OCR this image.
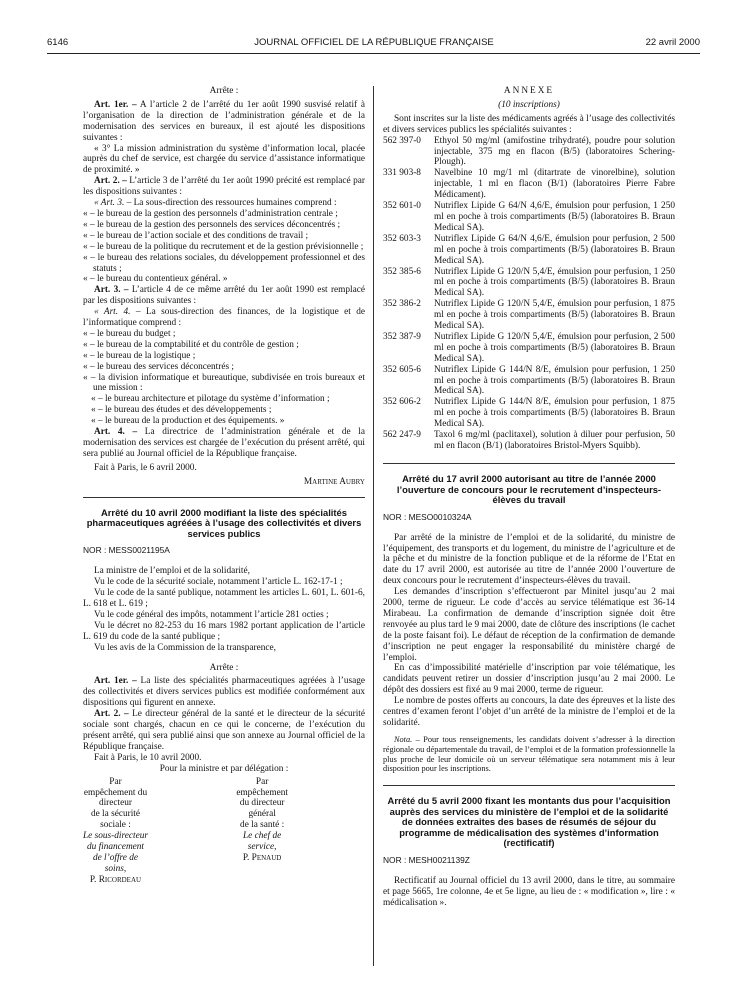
6146	JOURNAL OFFICIEL DE LA RÉPUBLIQUE FRANÇAISE	22 avril 2000

Arrête :

Art. 1er. – A l’article 2 de l’arrêté du 1er août 1990 susvisé relatif à l’organisation de la direction de l’administration générale et de la modernisation des services en bureaux, il est ajouté les dispositions suivantes :

« 3° La mission administration du système d’information local, placée auprès du chef de service, est chargée du service d’assistance informatique de proximité. »

Art. 2. – L’article 3 de l’arrêté du 1er août 1990 précité est remplacé par les dispositions suivantes :

« Art. 3. – La sous-direction des ressources humaines comprend :

« – le bureau de la gestion des personnels d’administration centrale ;

« – le bureau de la gestion des personnels des services déconcentrés ;

« – le bureau de l’action sociale et des conditions de travail ;

« – le bureau de la politique du recrutement et de la gestion prévisionnelle ;

« – le bureau des relations sociales, du développement professionnel et des statuts ;

« – le bureau du contentieux général. »

Art. 3. – L’article 4 de ce même arrêté du 1er août 1990 est remplacé par les dispositions suivantes :

« Art. 4. – La sous-direction des finances, de la logistique et de l’informatique comprend :

« – le bureau du budget ;

« – le bureau de la comptabilité et du contrôle de gestion ;

« – le bureau de la logistique ;

« – le bureau des services déconcentrés ;

« – la division informatique et bureautique, subdivisée en trois bureaux et une mission :

« – le bureau architecture et pilotage du système d’information ;

« – le bureau des études et des développements ;

« – le bureau de la production et des équipements. »

Art. 4. – La directrice de l’administration générale et de la modernisation des services est chargée de l’exécution du présent arrêté, qui sera publié au Journal officiel de la République française.

Fait à Paris, le 6 avril 2000.

Martine Aubry

Arrêté du 10 avril 2000 modifiant la liste des spécialités pharmaceutiques agréées à l’usage des collectivités et divers services publics

NOR : MESS0021195A

La ministre de l’emploi et de la solidarité,

Vu le code de la sécurité sociale, notamment l’article L. 162-17-1 ;

Vu le code de la santé publique, notamment les articles L. 601, L. 601-6, L. 618 et L. 619 ;

Vu le code général des impôts, notamment l’article 281 octies ;

Vu le décret no 82-253 du 16 mars 1982 portant application de l’article L. 619 du code de la santé publique ;

Vu les avis de la Commission de la transparence,

Arrête :

Art. 1er. – La liste des spécialités pharmaceutiques agréées à l’usage des collectivités et divers services publics est modifiée conformément aux dispositions qui figurent en annexe.

Art. 2. – Le directeur général de la santé et le directeur de la sécurité sociale sont chargés, chacun en ce qui le concerne, de l’exécution du présent arrêté, qui sera publié ainsi que son annexe au Journal officiel de la République française.

Fait à Paris, le 10 avril 2000.

Pour la ministre et par délégation :

Par empêchement du directeur
de la sécurité sociale :
Le sous-directeur du financement
de l’offre de soins,
P. Ricordeau
Par empêchement
du directeur général
de la santé :
Le chef de service,
P. Penaud

ANNEXE

(10 inscriptions)

Sont inscrites sur la liste des médicaments agréés à l’usage des collectivités et divers services publics les spécialités suivantes :

562 397-0	Ethyol 50 mg/ml (amifostine trihydraté), poudre pour solution injectable, 375 mg en flacon (B/5) (laboratoires Schering-Plough).
331 903-8	Navelbine 10 mg/1 ml (ditartrate de vinorelbine), solution injectable, 1 ml en flacon (B/1) (laboratoires Pierre Fabre Médicament).
352 601-0	Nutriflex Lipide G 64/N 4,6/E, émulsion pour perfusion, 1 250 ml en poche à trois compartiments (B/5) (laboratoires B. Braun Medical SA).
352 603-3	Nutriflex Lipide G 64/N 4,6/E, émulsion pour perfusion, 2 500 ml en poche à trois compartiments (B/5) (laboratoires B. Braun Medical SA).
352 385-6	Nutriflex Lipide G 120/N 5,4/E, émulsion pour perfusion, 1 250 ml en poche à trois compartiments (B/5) (laboratoires B. Braun Medical SA).
352 386-2	Nutriflex Lipide G 120/N 5,4/E, émulsion pour perfusion, 1 875 ml en poche à trois compartiments (B/5) (laboratoires B. Braun Medical SA).
352 387-9	Nutriflex Lipide G 120/N 5,4/E, émulsion pour perfusion, 2 500 ml en poche à trois compartiments (B/5) (laboratoires B. Braun Medical SA).
352 605-6	Nutriflex Lipide G 144/N 8/E, émulsion pour perfusion, 1 250 ml en poche à trois compartiments (B/5) (laboratoires B. Braun Medical SA).
352 606-2	Nutriflex Lipide G 144/N 8/E, émulsion pour perfusion, 1 875 ml en poche à trois compartiments (B/5) (laboratoires B. Braun Medical SA).
562 247-9	Taxol 6 mg/ml (paclitaxel), solution à diluer pour perfusion, 50 ml en flacon (B/1) (laboratoires Bristol-Myers Squibb).

Arrêté du 17 avril 2000 autorisant au titre de l’année 2000 l’ouverture de concours pour le recrutement d’inspecteurs-élèves du travail

NOR : MESO0010324A

Par arrêté de la ministre de l’emploi et de la solidarité, du ministre de l’équipement, des transports et du logement, du ministre de l’agriculture et de la pêche et du ministre de la fonction publique et de la réforme de l’Etat en date du 17 avril 2000, est autorisée au titre de l’année 2000 l’ouverture de deux concours pour le recrutement d’inspecteurs-élèves du travail.

Les demandes d’inscription s’effectueront par Minitel jusqu’au 2 mai 2000, terme de rigueur. Le code d’accès au service télématique est 36-14 Mirabeau. La confirmation de demande d’inscription signée doit être renvoyée au plus tard le 9 mai 2000, date de clôture des inscriptions (le cachet de la poste faisant foi). Le défaut de réception de la confirmation de demande d’inscription ne peut engager la responsabilité du ministère chargé de l’emploi.

En cas d’impossibilité matérielle d’inscription par voie télématique, les candidats peuvent retirer un dossier d’inscription jusqu’au 2 mai 2000. Le dépôt des dossiers est fixé au 9 mai 2000, terme de rigueur.

Le nombre de postes offerts au concours, la date des épreuves et la liste des centres d’examen feront l’objet d’un arrêté de la ministre de l’emploi et de la solidarité.

Nota. – Pour tous renseignements, les candidats doivent s’adresser à la direction régionale ou départementale du travail, de l’emploi et de la formation professionnelle la plus proche de leur domicile où un serveur télématique sera notamment mis à leur disposition pour les inscriptions.

Arrêté du 5 avril 2000 fixant les montants dus pour l’acquisition auprès des services du ministère de l’emploi et de la solidarité de données extraites des bases de résumés de séjour du programme de médicalisation des systèmes d’information (rectificatif)

NOR : MESH0021139Z

Rectificatif au Journal officiel du 13 avril 2000, dans le titre, au sommaire et page 5665, 1re colonne, 4e et 5e ligne, au lieu de : « modification », lire : « médicalisation ».
